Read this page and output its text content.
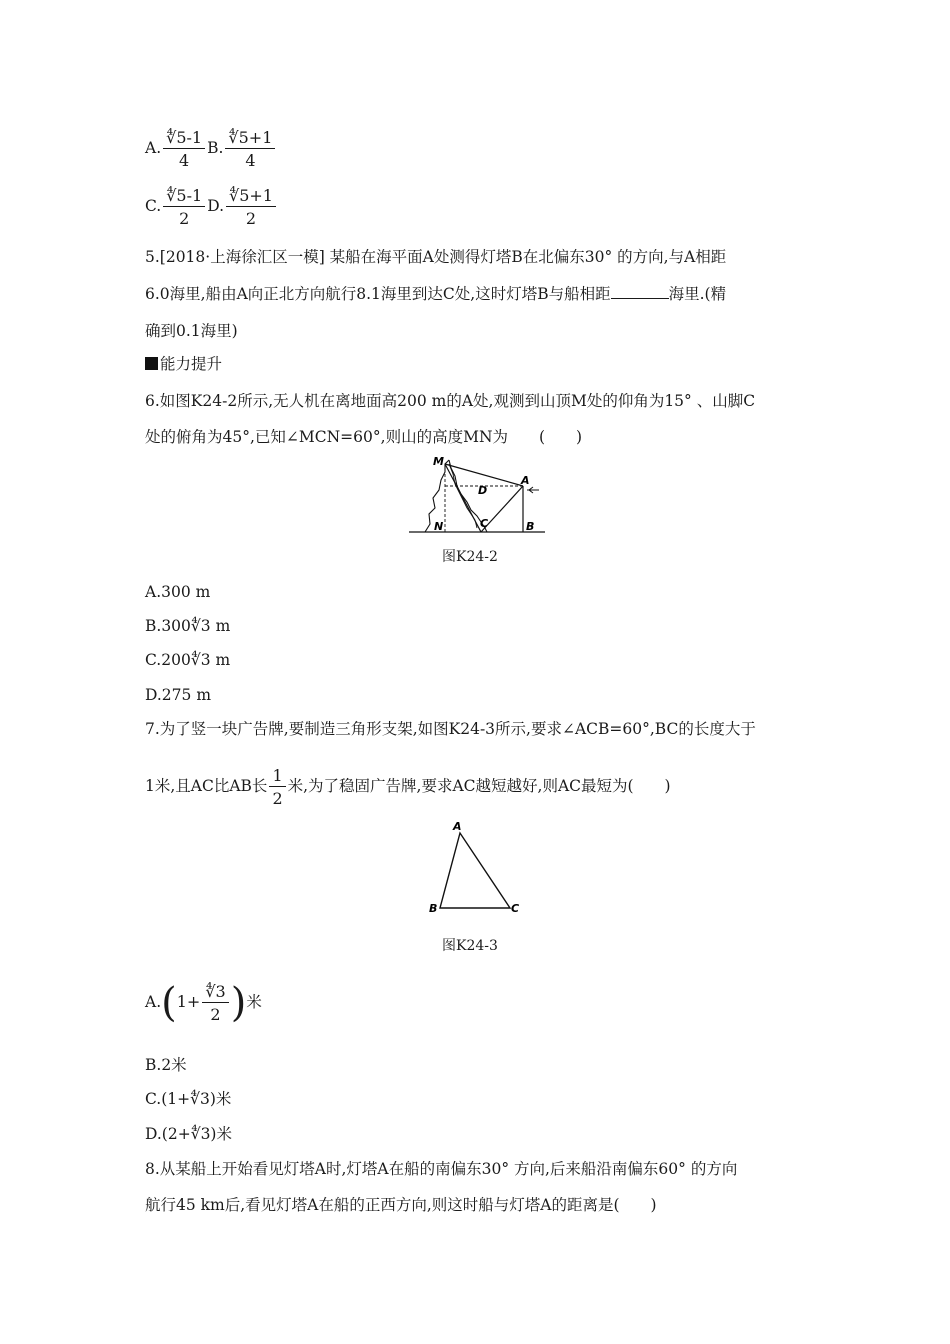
A. $\frac{∜5-1}{4} B$. $\frac{∜5+1}{4}$
C. $\frac{∜5-1}{2} D$. $\frac{∜5+1}{2}$
5.[2018·上海徐汇区一模] 某船在海平面A处测得灯塔B在北偏东30° 的方向,与A相距
6.0海里,船由A向正北方向航行8.1海里到达C处,这时灯塔B与船相距	海里.(精
确到0.1海里)
能力提升
6.如图K24-2所示,无人机在离地面高200 m的A处,观测到山顶M处的仰角为15° 、山脚C
处的俯角为45°,已知∠MCN=60°,则山的高度MN为　　(　　)
M
D
A
N	C	B
图K24-2
A.300 m
B.300∜3 m
C.200∜3 m
D.275 m
7.为了竖一块广告牌,要制造三角形支架,如图K24-3所示,要求∠ACB=60°,BC的长度大于
1米,且AC比AB长 $\frac{1}{2}$ 米,为了稳固广告牌,要求AC越短越好,则AC最短为(　　)
A
B	C
图K24-3
$A.(1+ \frac{∜3}{2}$ )米
B.2米
C.(1+∜3)米
D.(2+∜3)米
8.从某船上开始看见灯塔A时,灯塔A在船的南偏东30° 方向,后来船沿南偏东60° 的方向
航行45 km后,看见灯塔A在船的正西方向,则这时船与灯塔A的距离是(　　)
